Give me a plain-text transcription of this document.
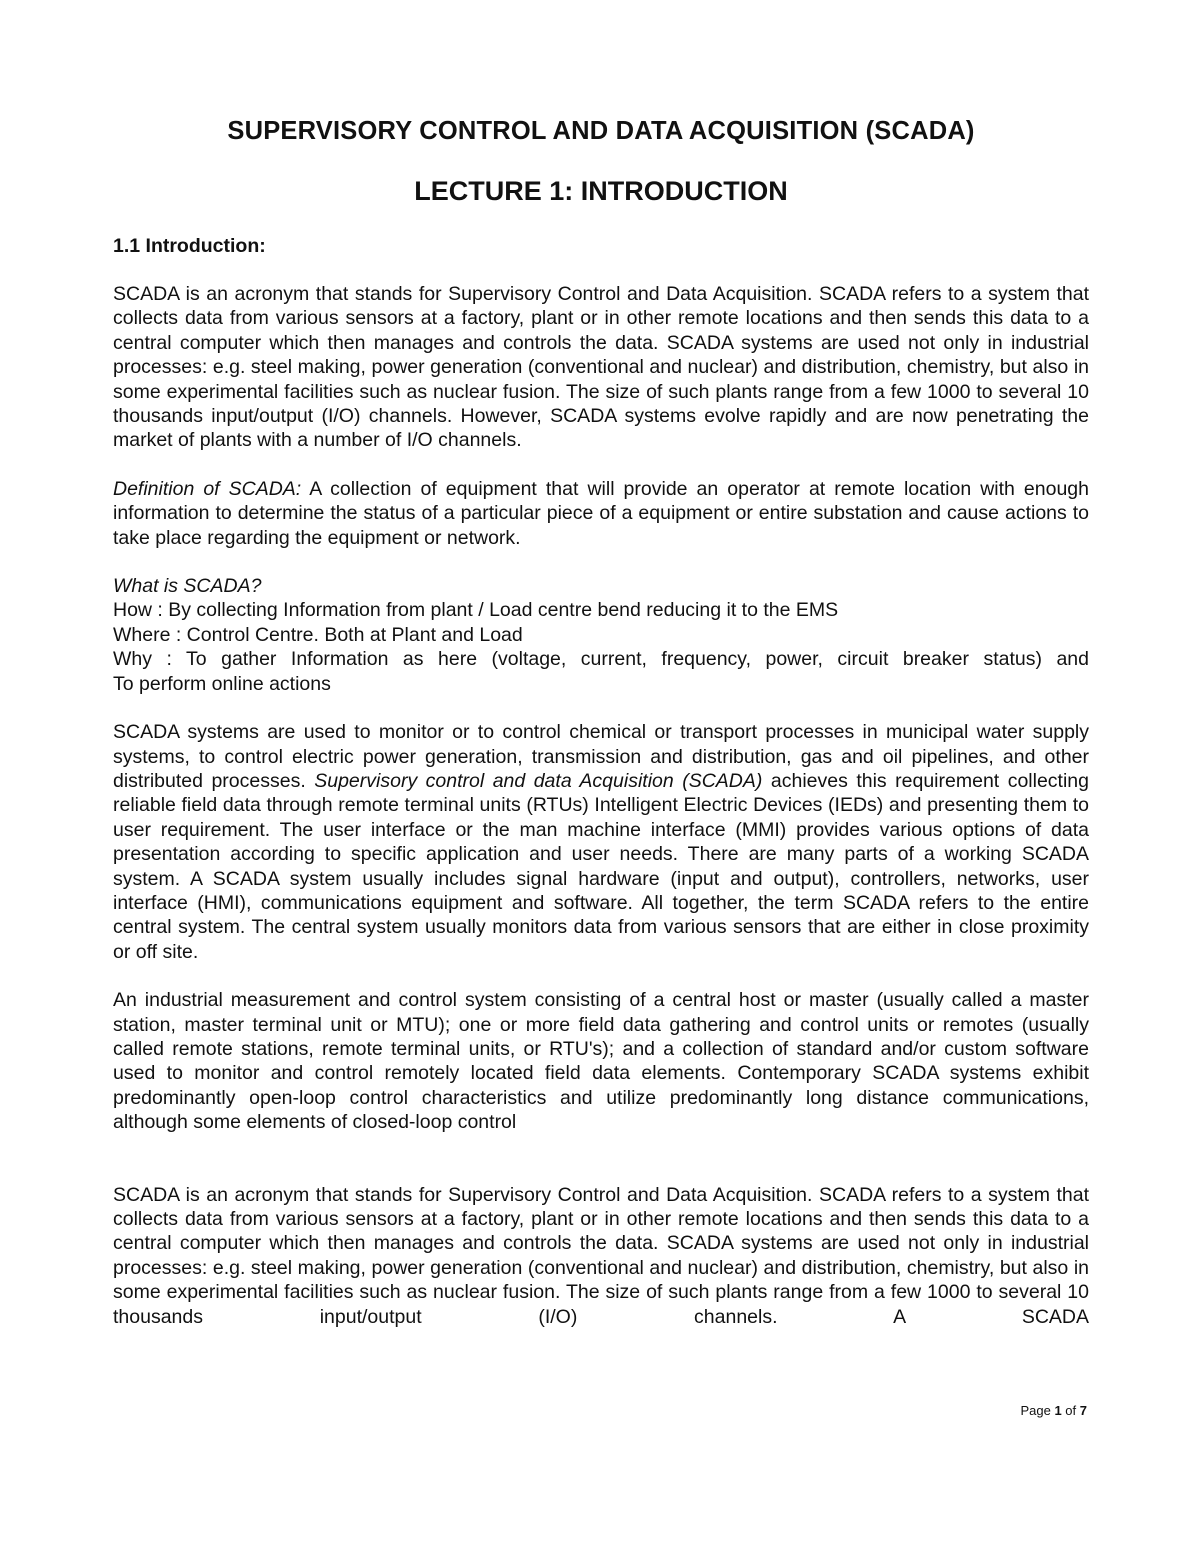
SUPERVISORY CONTROL AND DATA ACQUISITION (SCADA)
LECTURE 1: INTRODUCTION
1.1 Introduction:

SCADA is an acronym that stands for Supervisory Control and Data Acquisition. SCADA refers to a system that collects data from various sensors at a factory, plant or in other remote locations and then sends this data to a central computer which then manages and controls the data. SCADA systems are used not only in industrial processes: e.g. steel making, power generation (conventional and nuclear) and distribution, chemistry, but also in some experimental facilities such as nuclear fusion. The size of such plants range from a few 1000 to several 10 thousands input/output (I/O) channels. However, SCADA systems evolve rapidly and are now penetrating the market of plants with a number of I/O channels.

Definition of SCADA: A collection of equipment that will provide an operator at remote location with enough information to determine the status of a particular piece of a equipment or entire substation and cause actions to take place regarding the equipment or network.

What is SCADA?
How : By collecting Information from plant / Load centre bend reducing it to the EMS
Where : Control Centre. Both at Plant and Load
Why : To gather Information as here (voltage, current, frequency, power, circuit breaker status) and
To perform online actions

SCADA systems are used to monitor or to control chemical or transport processes in municipal water supply systems, to control electric power generation, transmission and distribution, gas and oil pipelines, and other distributed processes. Supervisory control and data Acquisition (SCADA) achieves this requirement collecting reliable field data through remote terminal units (RTUs) Intelligent Electric Devices (IEDs) and presenting them to user requirement. The user interface or the man machine interface (MMI) provides various options of data presentation according to specific application and user needs. There are many parts of a working SCADA system. A SCADA system usually includes signal hardware (input and output), controllers, networks, user interface (HMI), communications equipment and software. All together, the term SCADA refers to the entire central system. The central system usually monitors data from various sensors that are either in close proximity or off site.

An industrial measurement and control system consisting of a central host or master (usually called a master station, master terminal unit or MTU); one or more field data gathering and control units or remotes (usually called remote stations, remote terminal units, or RTU's); and a collection of standard and/or custom software used to monitor and control remotely located field data elements. Contemporary SCADA systems exhibit predominantly open-loop control characteristics and utilize predominantly long distance communications, although some elements of closed-loop control

SCADA is an acronym that stands for Supervisory Control and Data Acquisition. SCADA refers to a system that collects data from various sensors at a factory, plant or in other remote locations and then sends this data to a central computer which then manages and controls the data. SCADA systems are used not only in industrial processes: e.g. steel making, power generation (conventional and nuclear) and distribution, chemistry, but also in some experimental facilities such as nuclear fusion. The size of such plants range from a few 1000 to several 10 thousands input/output (I/O) channels. A SCADA

Page 1 of 7
